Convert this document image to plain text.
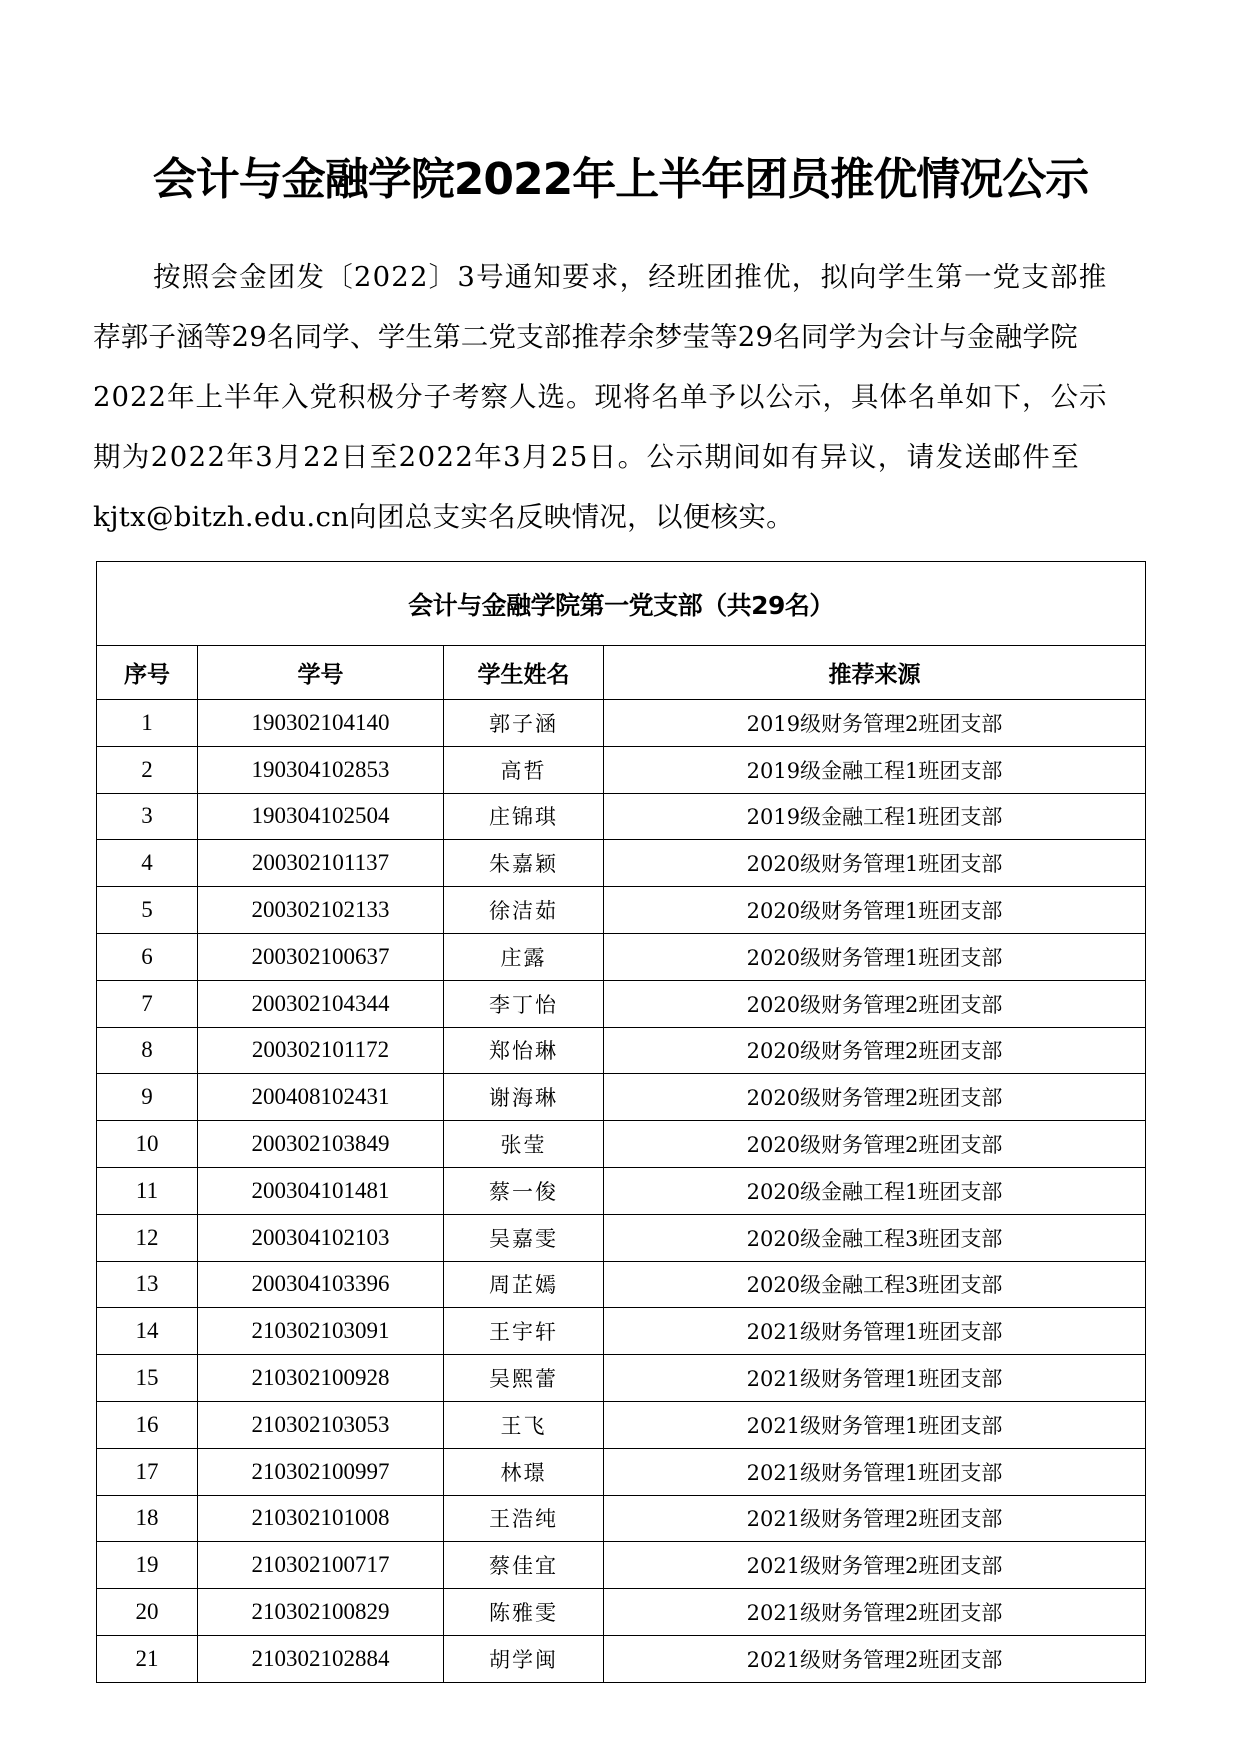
会计与金融学院2022年上半年团员推优情况公示
按照会金团发〔2022〕3号通知要求，经班团推优，拟向学生第一党支部推
荐郭子涵等29名同学、学生第二党支部推荐余梦莹等29名同学为会计与金融学院
2022年上半年入党积极分子考察人选。现将名单予以公示，具体名单如下，公示
期为2022年3月22日至2022年3月25日。公示期间如有异议，请发送邮件至
kjtx@bitzh.edu.cn向团总支实名反映情况，以便核实。
会计与金融学院第一党支部（共29名）			
序号	学号	学生姓名	推荐来源
1	190302104140	郭子涵	2019级财务管理2班团支部
2	190304102853	高哲	2019级金融工程1班团支部
3	190304102504	庄锦琪	2019级金融工程1班团支部
4	200302101137	朱嘉颖	2020级财务管理1班团支部
5	200302102133	徐洁茹	2020级财务管理1班团支部
6	200302100637	庄露	2020级财务管理1班团支部
7	200302104344	李丁怡	2020级财务管理2班团支部
8	200302101172	郑怡琳	2020级财务管理2班团支部
9	200408102431	谢海琳	2020级财务管理2班团支部
10	200302103849	张莹	2020级财务管理2班团支部
11	200304101481	蔡一俊	2020级金融工程1班团支部
12	200304102103	吴嘉雯	2020级金融工程3班团支部
13	200304103396	周芷嫣	2020级金融工程3班团支部
14	210302103091	王宇轩	2021级财务管理1班团支部
15	210302100928	吴熙蕾	2021级财务管理1班团支部
16	210302103053	王飞	2021级财务管理1班团支部
17	210302100997	林璟	2021级财务管理1班团支部
18	210302101008	王浩纯	2021级财务管理2班团支部
19	210302100717	蔡佳宜	2021级财务管理2班团支部
20	210302100829	陈雅雯	2021级财务管理2班团支部
21	210302102884	胡学闽	2021级财务管理2班团支部
